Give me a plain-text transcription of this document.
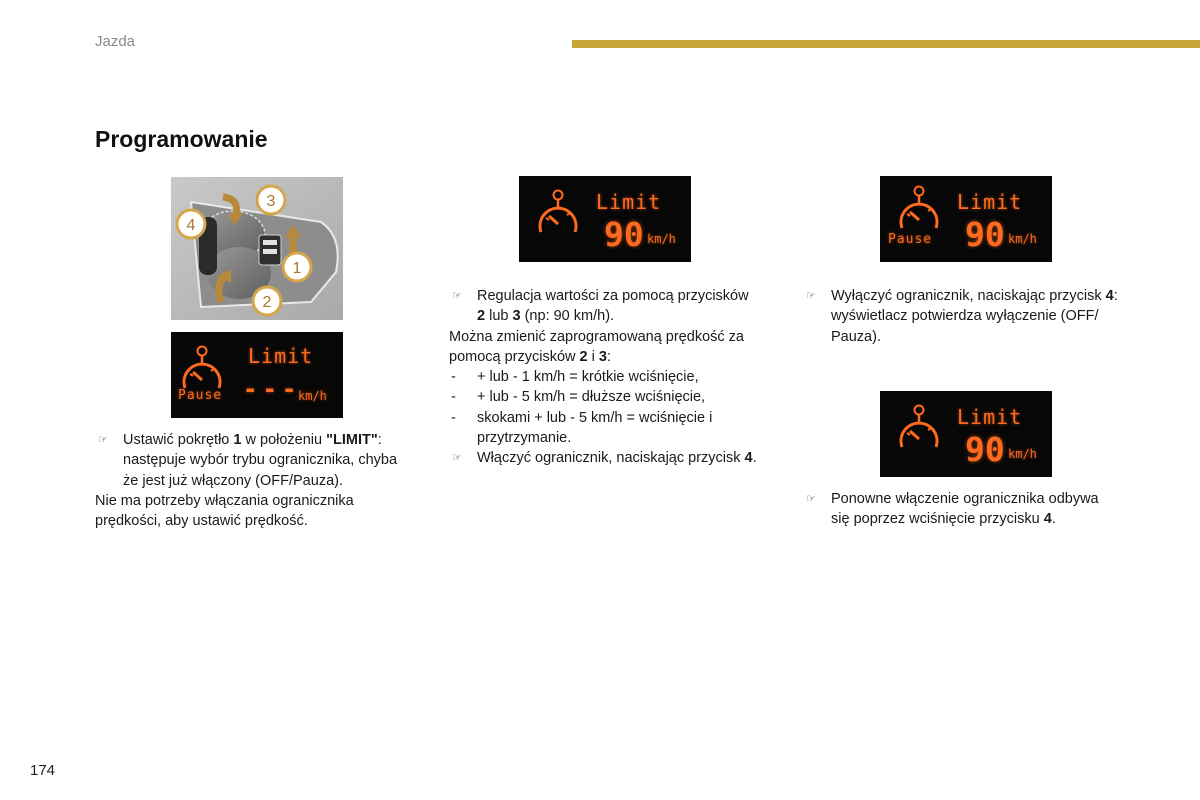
Jazda
Programowanie
4
3
1
2
Limit
Pause ---
km/h
Limit
90 km/h
Limit
Pause 90 km/h
Limit
90 km/h
☞	Ustawić pokrętło 1 w położeniu "LIMIT":

następuje wybór trybu ogranicznika, chyba

że jest już włączony (OFF/Pauza).

Nie ma potrzeby włączania ogranicznika

prędkości, aby ustawić prędkość.

☞	Regulacja wartości za pomocą przycisków

2 lub 3 (np: 90 km/h).

Można zmienić zaprogramowaną prędkość za

pomocą przycisków 2 i 3:

- + lub - 1 km/h = krótkie wciśnięcie,

- + lub - 5 km/h = dłuższe wciśnięcie,

- skokami + lub - 5 km/h = wciśnięcie i

przytrzymanie.

☞	Włączyć ogranicznik, naciskając przycisk 4.

☞	Wyłączyć ogranicznik, naciskając przycisk 4:

wyświetlacz potwierdza wyłączenie (OFF/

Pauza).

☞	Ponowne włączenie ogranicznika odbywa

się poprzez wciśnięcie przycisku 4.

174
